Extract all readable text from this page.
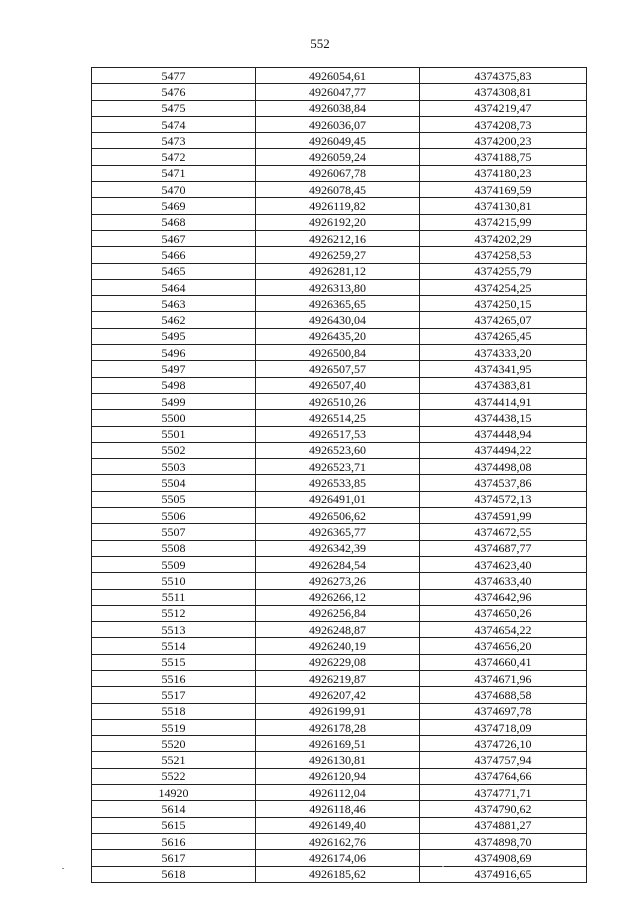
552
5477	4926054,61	4374375,83
5476	4926047,77	4374308,81
5475	4926038,84	4374219,47
5474	4926036,07	4374208,73
5473	4926049,45	4374200,23
5472	4926059,24	4374188,75
5471	4926067,78	4374180,23
5470	4926078,45	4374169,59
5469	4926119,82	4374130,81
5468	4926192,20	4374215,99
5467	4926212,16	4374202,29
5466	4926259,27	4374258,53
5465	4926281,12	4374255,79
5464	4926313,80	4374254,25
5463	4926365,65	4374250,15
5462	4926430,04	4374265,07
5495	4926435,20	4374265,45
5496	4926500,84	4374333,20
5497	4926507,57	4374341,95
5498	4926507,40	4374383,81
5499	4926510,26	4374414,91
5500	4926514,25	4374438,15
5501	4926517,53	4374448,94
5502	4926523,60	4374494,22
5503	4926523,71	4374498,08
5504	4926533,85	4374537,86
5505	4926491,01	4374572,13
5506	4926506,62	4374591,99
5507	4926365,77	4374672,55
5508	4926342,39	4374687,77
5509	4926284,54	4374623,40
5510	4926273,26	4374633,40
5511	4926266,12	4374642,96
5512	4926256,84	4374650,26
5513	4926248,87	4374654,22
5514	4926240,19	4374656,20
5515	4926229,08	4374660,41
5516	4926219,87	4374671,96
5517	4926207,42	4374688,58
5518	4926199,91	4374697,78
5519	4926178,28	4374718,09
5520	4926169,51	4374726,10
5521	4926130,81	4374757,94
5522	4926120,94	4374764,66
14920	4926112,04	4374771,71
5614	4926118,46	4374790,62
5615	4926149,40	4374881,27
5616	4926162,76	4374898,70
5617	4926174,06	4374908,69
5618	4926185,62	4374916,65
